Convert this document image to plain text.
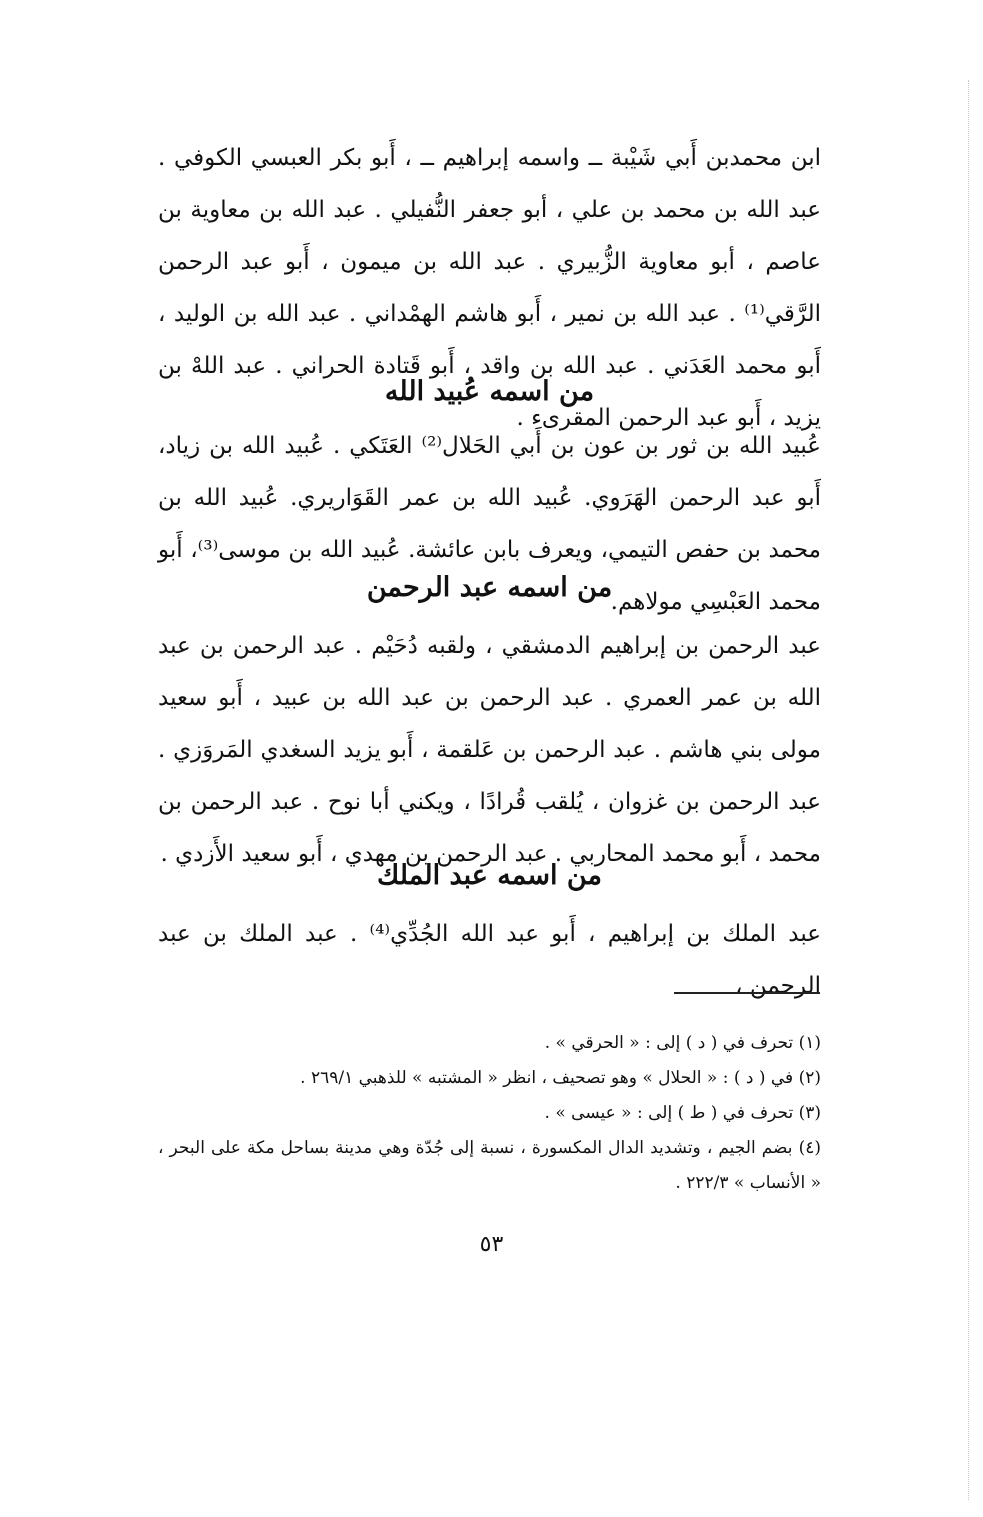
ابن محمدبن أَبي شَيْبة ــ واسمه إبراهيم ــ ، أَبو بكر العبسي الكوفي . عبد الله بن محمد بن علي ، أبو جعفر النُّفيلي . عبد الله بن معاوية بن عاصم ، أبو معاوية الزُّبيري . عبد الله بن ميمون ، أَبو عبد الرحمن الرَّقي⁽¹⁾ . عبد الله بن نمير ، أَبو هاشم الهمْداني . عبد الله بن الوليد ، أَبو محمد العَدَني . عبد الله بن واقد ، أَبو قَتادة الحراني . عبد اللهْ بن يزيد ، أَبو عبد الرحمن المقرىء .

من اسمه عُبيد الله

عُبيد الله بن ثور بن عون بن أَبي الحَلال⁽²⁾ العَتَكي . عُبيد الله بن زياد، أَبو عبد الرحمن الهَرَوي. عُبيد الله بن عمر القَوَاريري. عُبيد الله بن محمد بن حفص التيمي، ويعرف بابن عائشة. عُبيد الله بن موسى⁽³⁾، أَبو محمد العَبْسِي مولاهم.

من اسمه عبد الرحمن

عبد الرحمن بن إبراهيم الدمشقي ، ولقبه دُحَيْم . عبد الرحمن بن عبد الله بن عمر العمري . عبد الرحمن بن عبد الله بن عبيد ، أَبو سعيد مولى بني هاشم . عبد الرحمن بن عَلقمة ، أَبو يزيد السغدي المَروَزي . عبد الرحمن بن غزوان ، يُلقب قُرادًا ، ويكني أبا نوح . عبد الرحمن بن محمد ، أَبو محمد المحاربي . عبد الرحمن بن مهدي ، أَبو سعيد الأَزدي .

من اسمه عبد الملك

عبد الملك بن إبراهيم ، أَبو عبد الله الجُدِّي⁽⁴⁾ . عبد الملك بن عبد الرحمن ،

(١) تحرف في ( د ) إلى : « الحرقي » .
(٢) في ( د ) : « الحلال » وهو تصحيف ، انظر « المشتبه » للذهبي ٢٦٩/١ .
(٣) تحرف في ( ط ) إلى : « عيسى » .
(٤) بضم الجيم ، وتشديد الدال المكسورة ، نسبة إلى جُدّة وهي مدينة بساحل مكة على البحر ، « الأنساب » ٢٢٢/٣ .
٥٣
